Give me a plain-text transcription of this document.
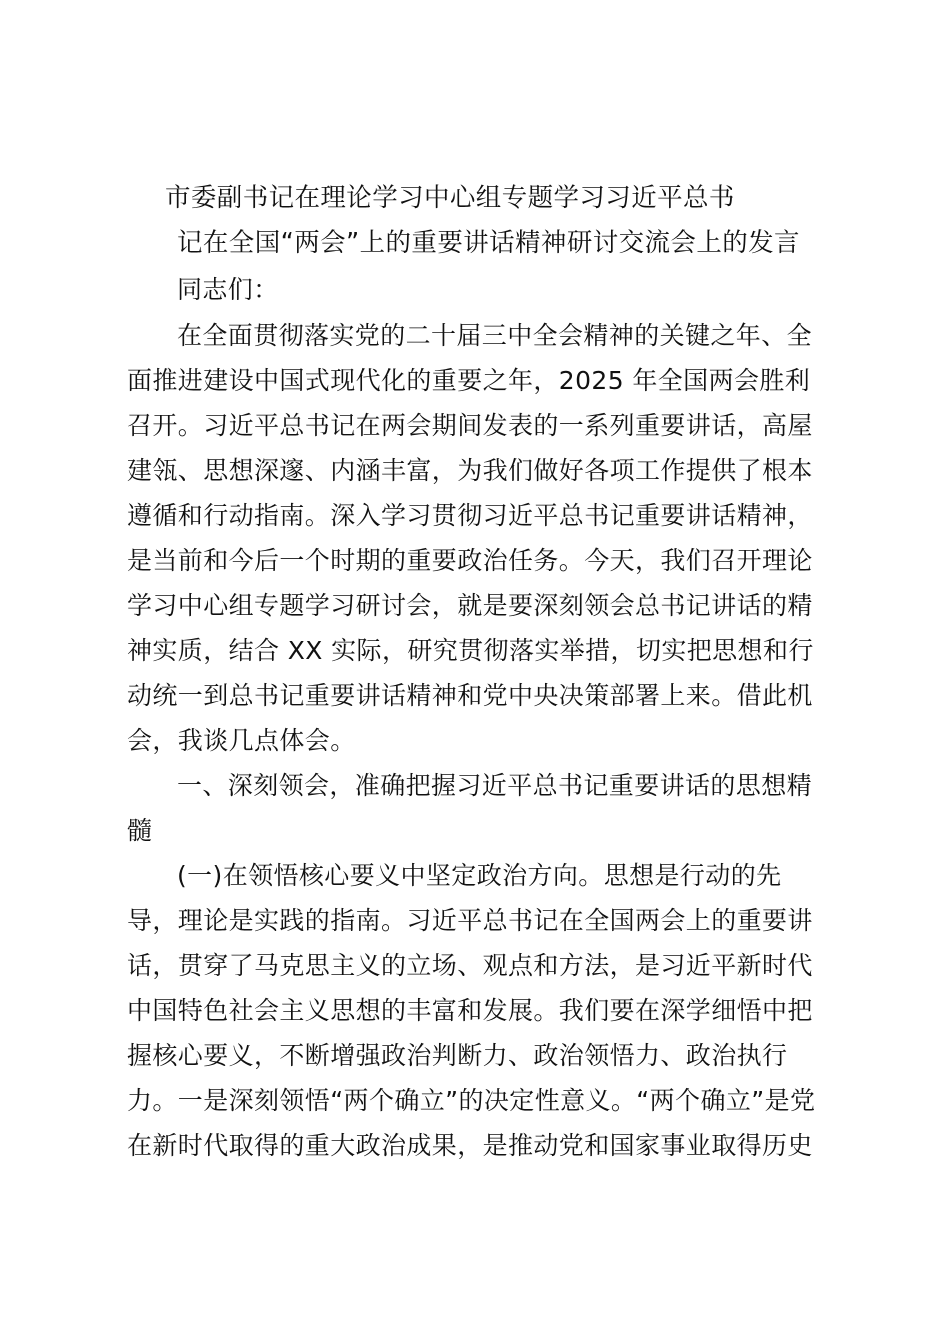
市委副书记在理论学习中心组专题学习习近平总书
记在全国“两会”上的重要讲话精神研讨交流会上的发言
同志们：
在全面贯彻落实党的二十届三中全会精神的关键之年、全
面推进建设中国式现代化的重要之年，2025 年全国两会胜利
召开。习近平总书记在两会期间发表的一系列重要讲话，高屋
建瓴、思想深邃、内涵丰富，为我们做好各项工作提供了根本
遵循和行动指南。深入学习贯彻习近平总书记重要讲话精神，
是当前和今后一个时期的重要政治任务。今天，我们召开理论
学习中心组专题学习研讨会，就是要深刻领会总书记讲话的精
神实质，结合 XX 实际，研究贯彻落实举措，切实把思想和行
动统一到总书记重要讲话精神和党中央决策部署上来。借此机
会，我谈几点体会。
一、深刻领会，准确把握习近平总书记重要讲话的思想精
髓
(一)在领悟核心要义中坚定政治方向。思想是行动的先
导，理论是实践的指南。习近平总书记在全国两会上的重要讲
话，贯穿了马克思主义的立场、观点和方法，是习近平新时代
中国特色社会主义思想的丰富和发展。我们要在深学细悟中把
握核心要义，不断增强政治判断力、政治领悟力、政治执行
力。一是深刻领悟“两个确立”的决定性意义。“两个确立”是党
在新时代取得的重大政治成果，是推动党和国家事业取得历史
